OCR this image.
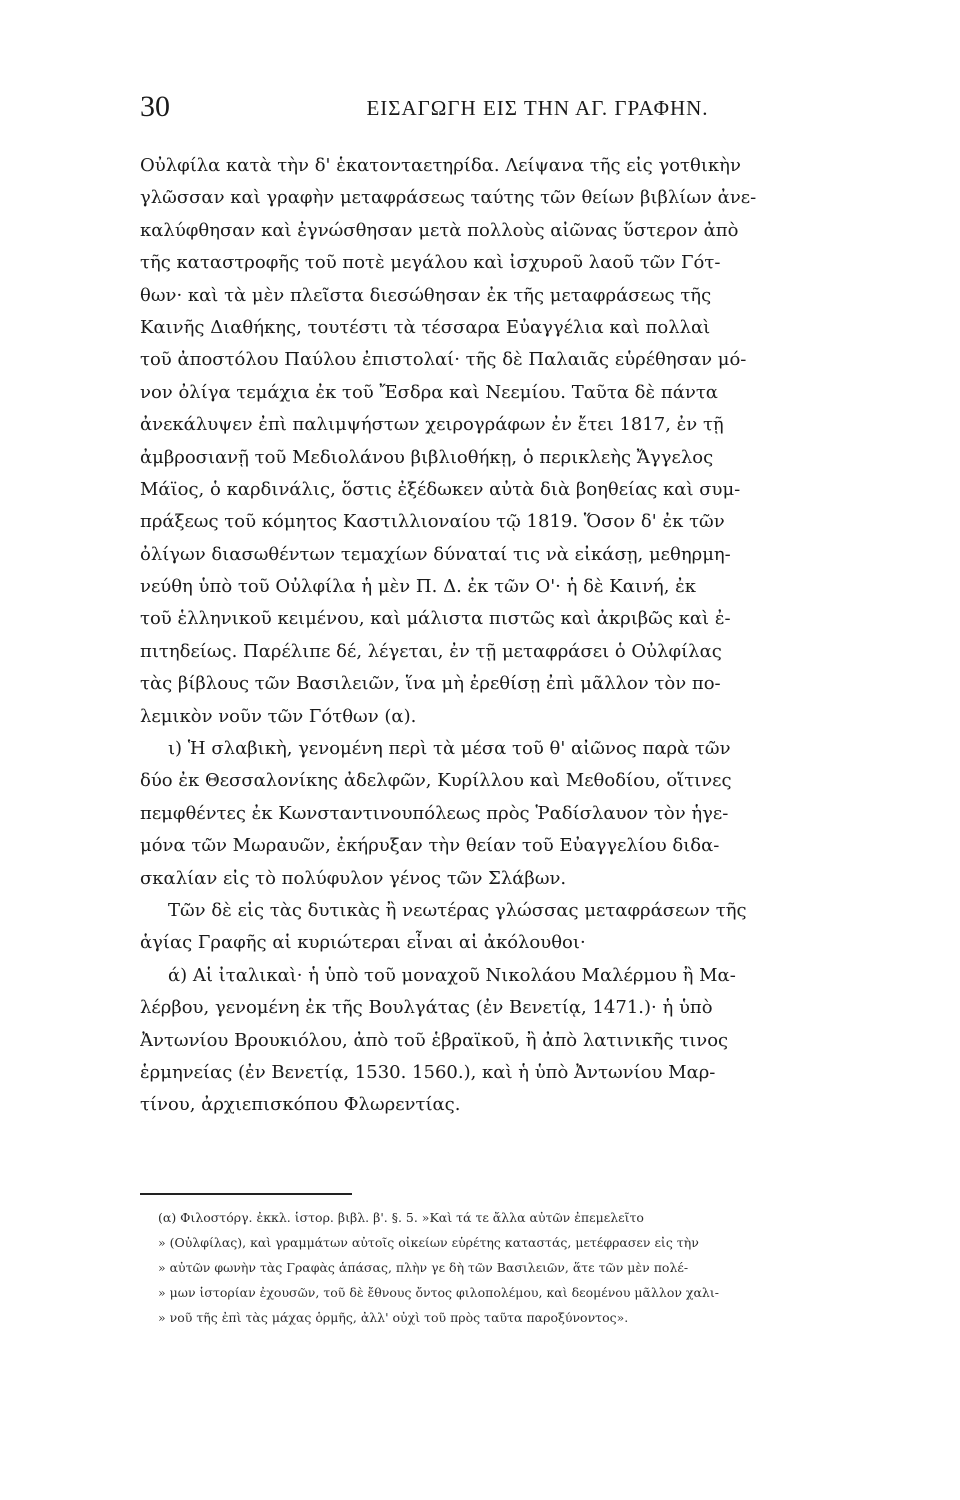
30	ΕΙΣΑΓΩΓΗ ΕΙΣ ΤΗΝ ΑΓ. ΓΡΑΦΗΝ.
Οὐλφίλα κατὰ τὴν δ' ἑκατονταετηρίδα. Λείψανα τῆς εἰς γοτθικὴν
γλῶσσαν καὶ γραφὴν μεταφράσεως ταύτης τῶν θείων βιβλίων ἀνε-
καλύφθησαν καὶ ἐγνώσθησαν μετὰ πολλοὺς αἰῶνας ὕστερον ἀπὸ
τῆς καταστροφῆς τοῦ ποτὲ μεγάλου καὶ ἰσχυροῦ λαοῦ τῶν Γότ-
θων· καὶ τὰ μὲν πλεῖστα διεσώθησαν ἐκ τῆς μεταφράσεως τῆς
Καινῆς Διαθήκης, τουτέστι τὰ τέσσαρα Εὐαγγέλια καὶ πολλαὶ
τοῦ ἀποστόλου Παύλου ἐπιστολαί· τῆς δὲ Παλαιᾶς εὑρέθησαν μό-
νον ὀλίγα τεμάχια ἐκ τοῦ Ἔσδρα καὶ Νεεμίου. Ταῦτα δὲ πάντα
ἀνεκάλυψεν ἐπὶ παλιμψήστων χειρογράφων ἐν ἔτει 1817, ἐν τῇ
ἀμβροσιανῇ τοῦ Μεδιολάνου βιβλιοθήκῃ, ὁ περικλεὴς Ἄγγελος
Μάϊος, ὁ καρδινάλις, ὅστις ἐξέδωκεν αὐτὰ διὰ βοηθείας καὶ συμ-
πράξεως τοῦ κόμητος Καστιλλιοναίου τῷ 1819. Ὅσον δ' ἐκ τῶν
ὀλίγων διασωθέντων τεμαχίων δύναταί τις νὰ εἰκάσῃ, μεθηρμη-
νεύθη ὑπὸ τοῦ Οὐλφίλα ἡ μὲν Π. Δ. ἐκ τῶν Ο'· ἡ δὲ Καινή, ἐκ
τοῦ ἑλληνικοῦ κειμένου, καὶ μάλιστα πιστῶς καὶ ἀκριβῶς καὶ ἐ-
πιτηδείως. Παρέλιπε δέ, λέγεται, ἐν τῇ μεταφράσει ὁ Οὐλφίλας
τὰς βίβλους τῶν Βασιλειῶν, ἵνα μὴ ἐρεθίσῃ ἐπὶ μᾶλλον τὸν πο-
λεμικὸν νοῦν τῶν Γότθων (α).
ι) Ἡ σλαβικὴ, γενομένη περὶ τὰ μέσα τοῦ θ' αἰῶνος παρὰ τῶν
δύο ἐκ Θεσσαλονίκης ἀδελφῶν, Κυρίλλου καὶ Μεθοδίου, οἵτινες
πεμφθέντες ἐκ Κωνσταντινουπόλεως πρὸς Ῥαδίσλαυον τὸν ἡγε-
μόνα τῶν Μωραυῶν, ἐκήρυξαν τὴν θείαν τοῦ Εὐαγγελίου διδα-
σκαλίαν εἰς τὸ πολύφυλον γένος τῶν Σλάβων.
Τῶν δὲ εἰς τὰς δυτικὰς ἢ νεωτέρας γλώσσας μεταφράσεων τῆς
ἁγίας Γραφῆς αἱ κυριώτεραι εἶναι αἱ ἀκόλουθοι·
ά) Αἱ ἰταλικαὶ· ἡ ὑπὸ τοῦ μοναχοῦ Νικολάου Μαλέρμου ἢ Μα-
λέρβου, γενομένη ἐκ τῆς Βουλγάτας (ἐν Βενετίᾳ, 1471.)· ἡ ὑπὸ
Ἀντωνίου Βρουκιόλου, ἀπὸ τοῦ ἑβραϊκοῦ, ἢ ἀπὸ λατινικῆς τινος
ἑρμηνείας (ἐν Βενετίᾳ, 1530. 1560.), καὶ ἡ ὑπὸ Ἀντωνίου Μαρ-
τίνου, ἀρχιεπισκόπου Φλωρεντίας.
(α) Φιλοστόργ. ἐκκλ. ἱστορ. βιβλ. β'. §. 5. »Καὶ τά τε ἄλλα αὐτῶν ἐπεμελεῖτο
» (Οὐλφίλας), καὶ γραμμάτων αὐτοῖς οἰκείων εὑρέτης καταστάς, μετέφρασεν εἰς τὴν
» αὐτῶν φωνὴν τὰς Γραφὰς ἁπάσας, πλὴν γε δὴ τῶν Βασιλειῶν, ἅτε τῶν μὲν πολέ-
» μων ἱστορίαν ἐχουσῶν, τοῦ δὲ ἔθνους ὄντος φιλοπολέμου, καὶ δεομένου μᾶλλον χαλι-
» νοῦ τῆς ἐπὶ τὰς μάχας ὁρμῆς, ἀλλ' οὐχὶ τοῦ πρὸς ταῦτα παροξύνοντος».
